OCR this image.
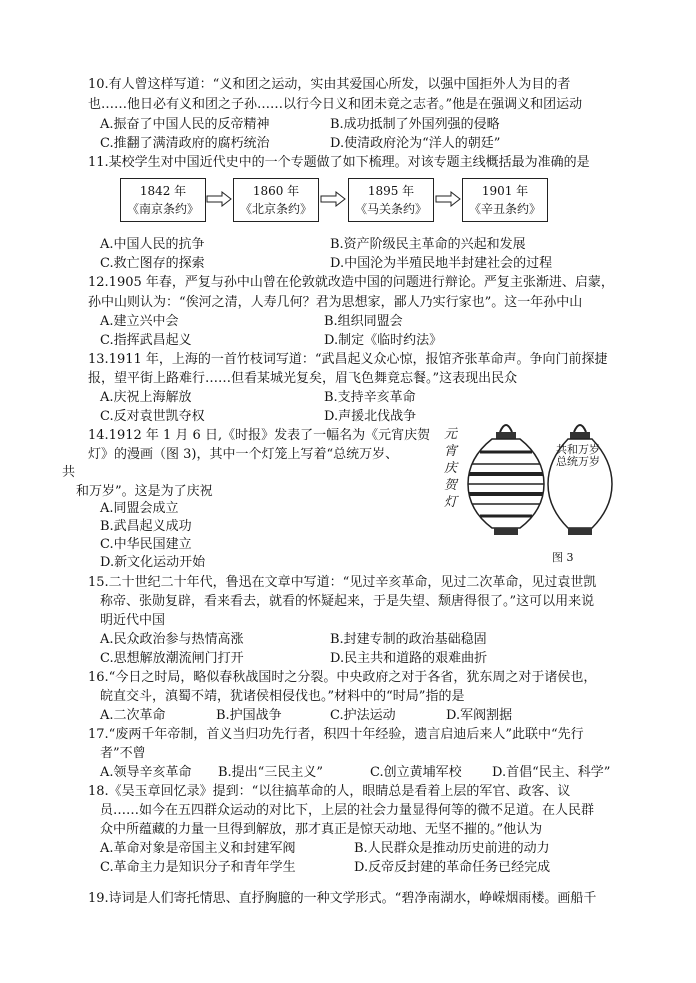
10.有人曾这样写道：“义和团之运动，实由其爱国心所发，以强中国拒外人为目的者
也……他日必有义和团之子孙……以行今日义和团未竟之志者。”他是在强调义和团运动
A.振奋了中国人民的反帝精神	B.成功抵制了外国列强的侵略
C.推翻了满清政府的腐朽统治	D.使清政府沦为“洋人的朝廷”
11.某校学生对中国近代史中的一个专题做了如下梳理。对该专题主线概括最为准确的是
1842 年
《南京条约》
1860 年
《北京条约》
1895 年
《马关条约》
1901 年
《辛丑条约》
A.中国人民的抗争	B.资产阶级民主革命的兴起和发展
C.救亡图存的探索	D.中国沦为半殖民地半封建社会的过程
12.1905 年春，严复与孙中山曾在伦敦就改造中国的问题进行辩论。严复主张渐进、启蒙，
孙中山则认为：“俟河之清，人寿几何？君为思想家，鄙人乃实行家也”。这一年孙中山
A.建立兴中会	B.组织同盟会
C.指挥武昌起义	D.制定《临时约法》
13.1911 年，上海的一首竹枝词写道：“武昌起义众心惊，报馆齐张革命声。争向门前探捷
报，望平街上路难行……但看某城光复矣，眉飞色舞竟忘餐。”这表现出民众
A.庆祝上海解放	B.支持辛亥革命
C.反对袁世凯夺权	D.声援北伐战争
14.1912 年 1 月 6 日,《时报》发表了一幅名为《元宵庆贺
灯》的漫画（图 3)，其中一个灯笼上写着“总统万岁、
共
和万岁”。这是为了庆祝
A.同盟会成立
B.武昌起义成功
C.中华民国建立
D.新文化运动开始
元宵庆贺灯
共和万岁 总统万岁
图 3
15.二十世纪二十年代，鲁迅在文章中写道：“见过辛亥革命，见过二次革命，见过袁世凯
称帝、张勋复辟，看来看去，就看的怀疑起来，于是失望、颓唐得很了。”这可以用来说
明近代中国
A.民众政治参与热情高涨	B.封建专制的政治基础稳固
C.思想解放潮流闸门打开	D.民主共和道路的艰难曲折
16.“今日之时局，略似春秋战国时之分裂。中央政府之对于各省，犹东周之对于诸侯也，
皖直交斗，滇蜀不靖，犹诸侯相侵伐也。”材料中的“时局”指的是
A.二次革命	B.护国战争	C.护法运动	D.军阀割据
17.“废两千年帝制，首义当归功先行者，积四十年经验，遗言启迪后来人”此联中“先行
者”不曾
A.领导辛亥革命 B.提出“三民主义”	C.创立黄埔军校 D.首倡“民主、科学”
18.《吴玉章回忆录》提到：“以往搞革命的人，眼睛总是看着上层的军官、政客、议
员……如今在五四群众运动的对比下，上层的社会力量显得何等的微不足道。在人民群
众中所蕴藏的力量一旦得到解放，那才真正是惊天动地、无坚不摧的。”他认为
A.革命对象是帝国主义和封建军阀	B.人民群众是推动历史前进的动力
C.革命主力是知识分子和青年学生	D.反帝反封建的革命任务已经完成
19.诗词是人们寄托情思、直抒胸臆的一种文学形式。“碧净南湖水，峥嵘烟雨楼。画船千
